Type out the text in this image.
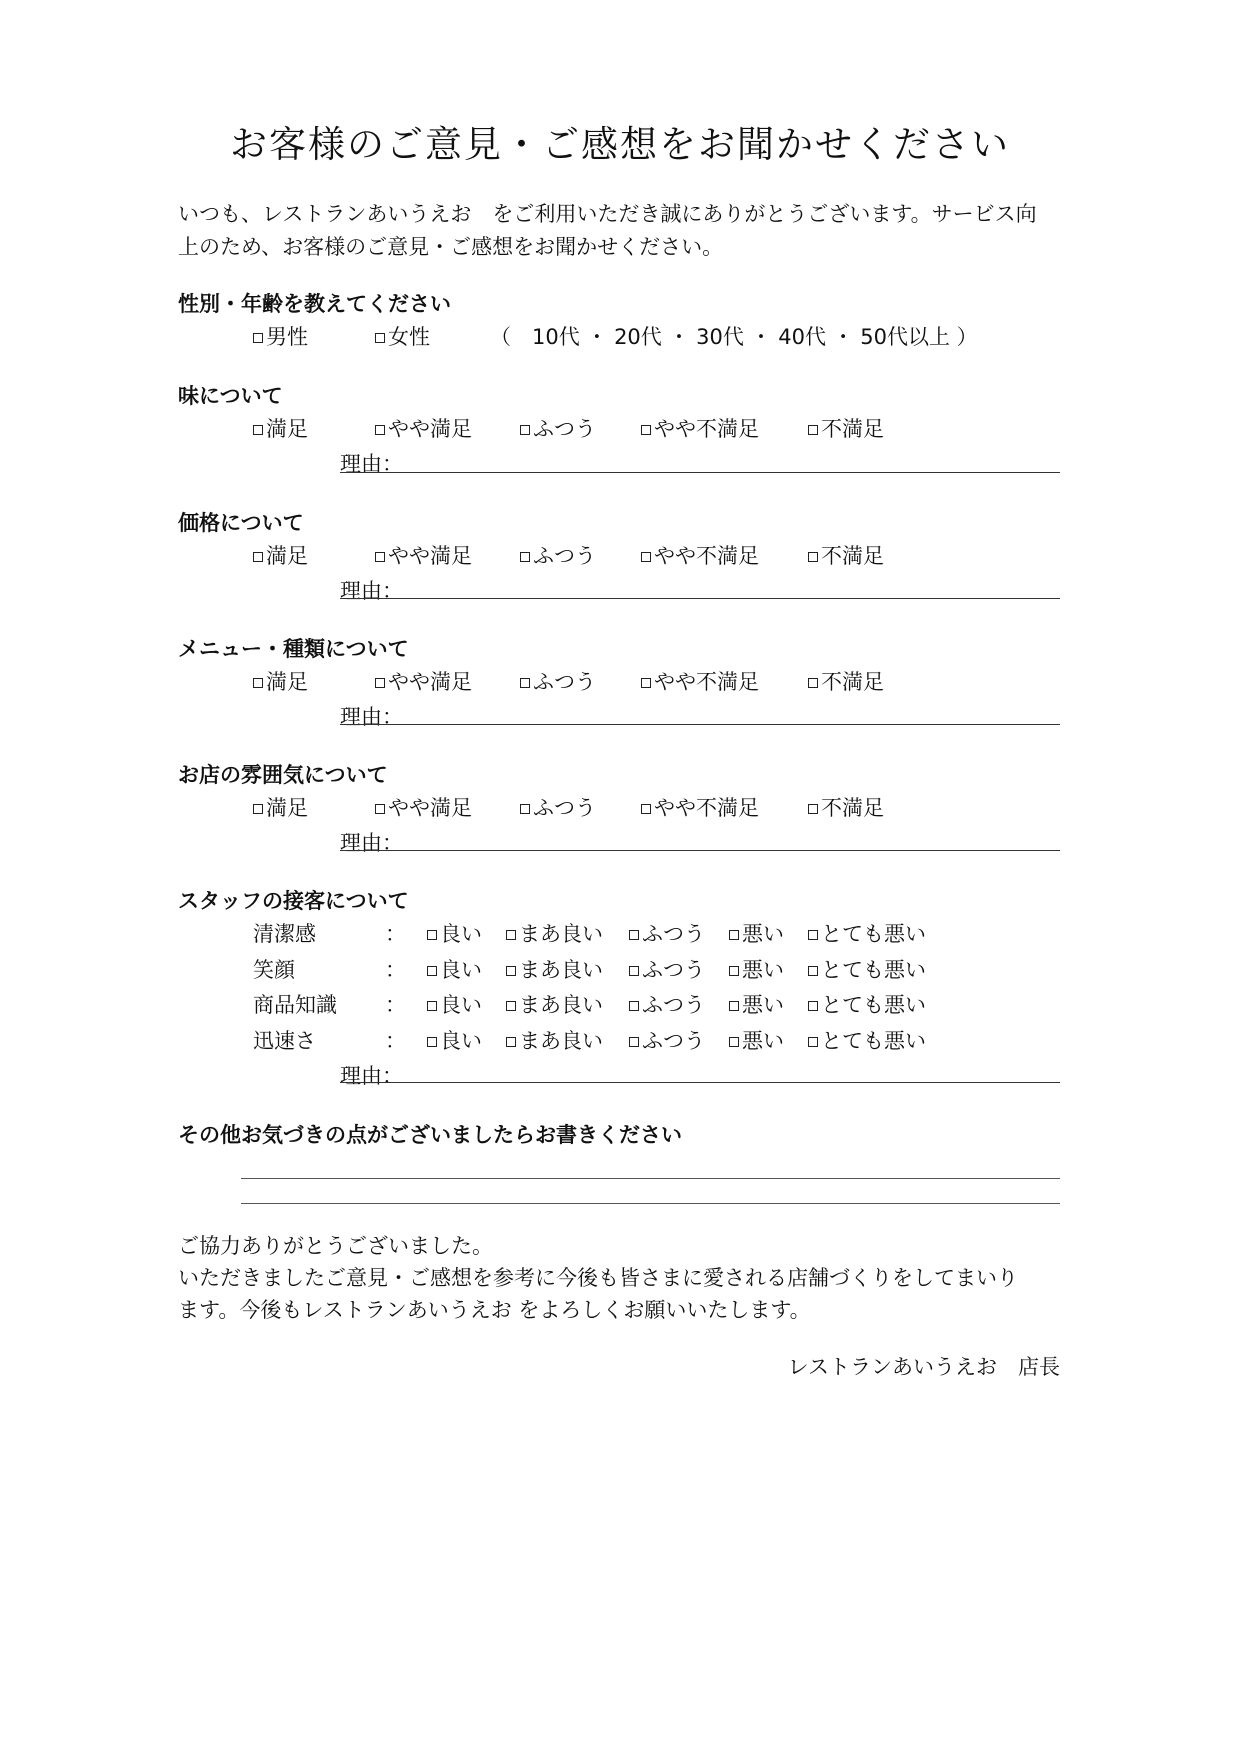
お客様のご意見・ご感想をお聞かせください
いつも、レストランあいうえお　をご利用いただき誠にありがとうございます。サービス向
上のため、お客様のご意見・ご感想をお聞かせください。
性別・年齢を教えてください
男性	女性	（　10代 ・ 20代 ・ 30代 ・ 40代 ・ 50代以上 ）
味について
満足	やや満足	ふつう	やや不満足	不満足
理由：
価格について
満足	やや満足	ふつう	やや不満足	不満足
理由：
メニュー・種類について
満足	やや満足	ふつう	やや不満足	不満足
理由：
お店の雰囲気について
満足	やや満足	ふつう	やや不満足	不満足
理由：
スタッフの接客について
清潔感	：	良い	まあ良い	ふつう	悪い	とても悪い
笑顔	：	良い	まあ良い	ふつう	悪い	とても悪い
商品知識 ：	良い	まあ良い	ふつう	悪い	とても悪い
迅速さ	：	良い	まあ良い	ふつう	悪い	とても悪い
理由：
その他お気づきの点がございましたらお書きください
ご協力ありがとうございました。
いただきましたご意見・ご感想を参考に今後も皆さまに愛される店舗づくりをしてまいり
ます。今後もレストランあいうえお をよろしくお願いいたします。
レストランあいうえお　店長
